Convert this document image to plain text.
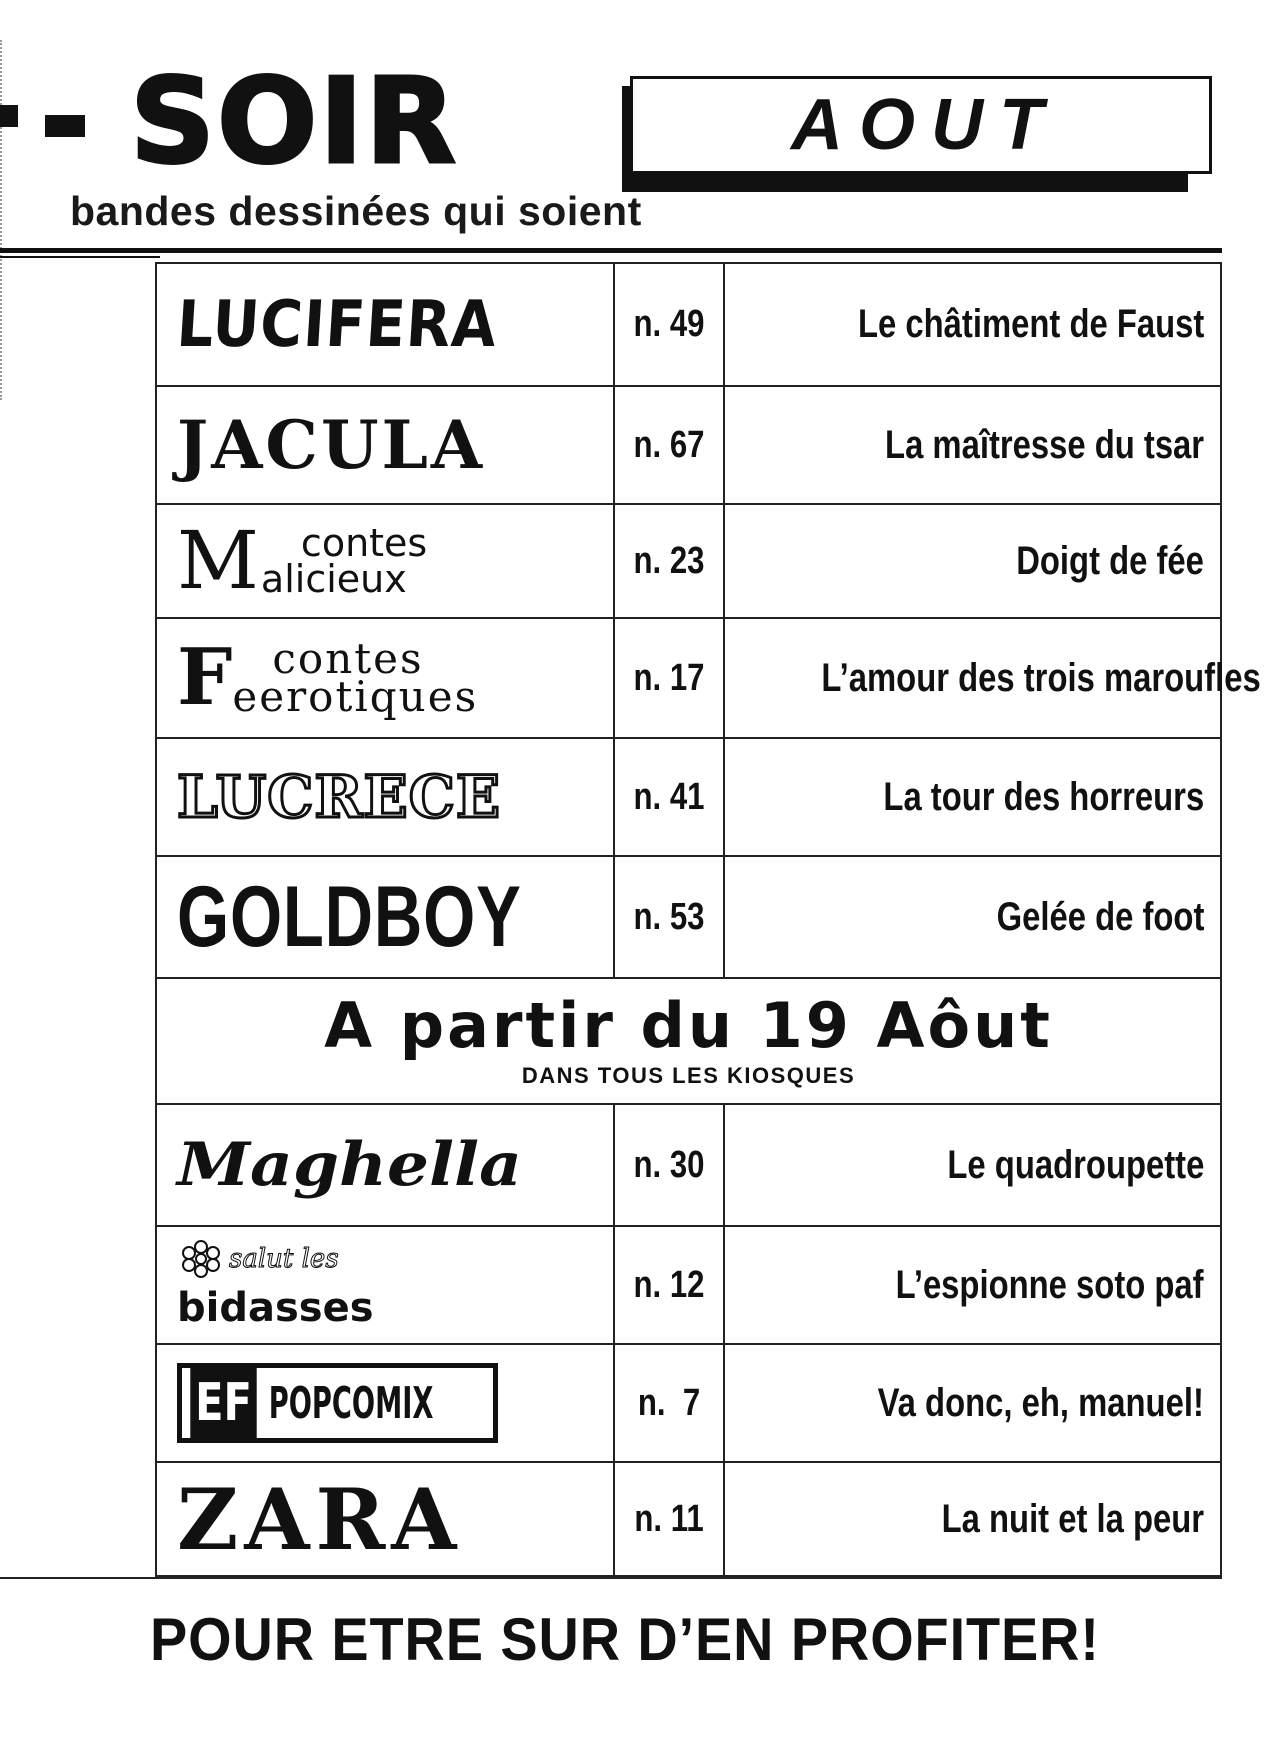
SOIR	AOUT
bandes dessinées qui soient
LUCIFERA	n. 49	Le châtiment de Faust

JACULA	n. 67	La maîtresse du tsar

M contes
alicieux	n. 23	Doigt de fée

F contes
eerotiques	n. 17	L’amour des trois maroufles

LUCRECE	n. 41	La tour des horreurs

GOLDBOY	n. 53	Gelée de foot

A partir du 19 Aôut
DANS TOUS LES KIOSQUES		

Maghella	n. 30	Le quadroupette

salut les
bidasses	n. 12	L’espionne soto paf

EF POPCOMIX	n.  7	Va donc, eh, manuel!

ZARA	n. 11	La nuit et la peur
POUR ETRE SUR D’EN PROFITER!
